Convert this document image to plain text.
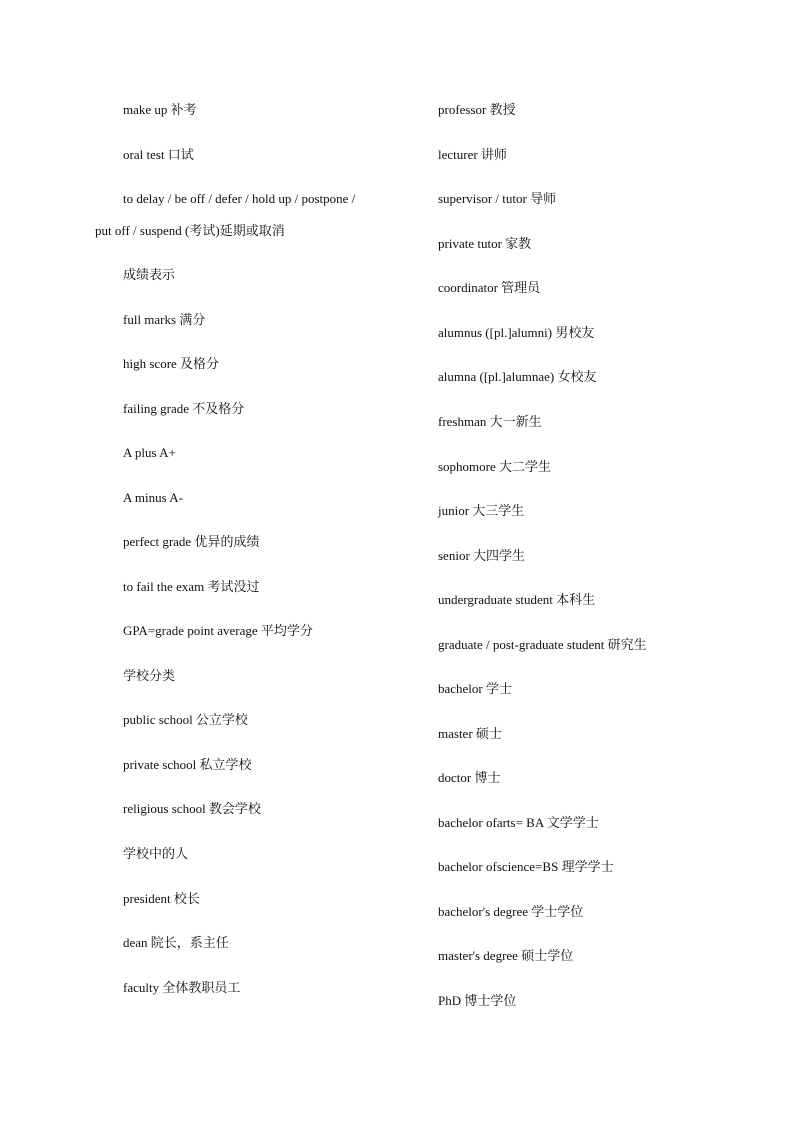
make up 补考
oral test 口试
to delay / be off / defer / hold up / postpone /
put off / suspend (考试)延期或取消
成绩表示
full marks 满分
high score 及格分
failing grade 不及格分
A plus A+
A minus A-
perfect grade 优异的成绩
to fail the exam 考试没过
GPA=grade point average 平均学分
学校分类
public school 公立学校
private school 私立学校
religious school 教会学校
学校中的人
president 校长
dean 院长，系主任
faculty 全体教职员工
professor 教授
lecturer 讲师
supervisor / tutor 导师
private tutor 家教
coordinator 管理员
alumnus ([pl.]alumni) 男校友
alumna ([pl.]alumnae) 女校友
freshman 大一新生
sophomore 大二学生
junior 大三学生
senior 大四学生
undergraduate student 本科生
graduate / post-graduate student 研究生
bachelor 学士
master 硕士
doctor 博士
bachelor ofarts= BA 文学学士
bachelor ofscience=BS 理学学士
bachelor's degree 学士学位
master's degree 硕士学位
PhD 博士学位
